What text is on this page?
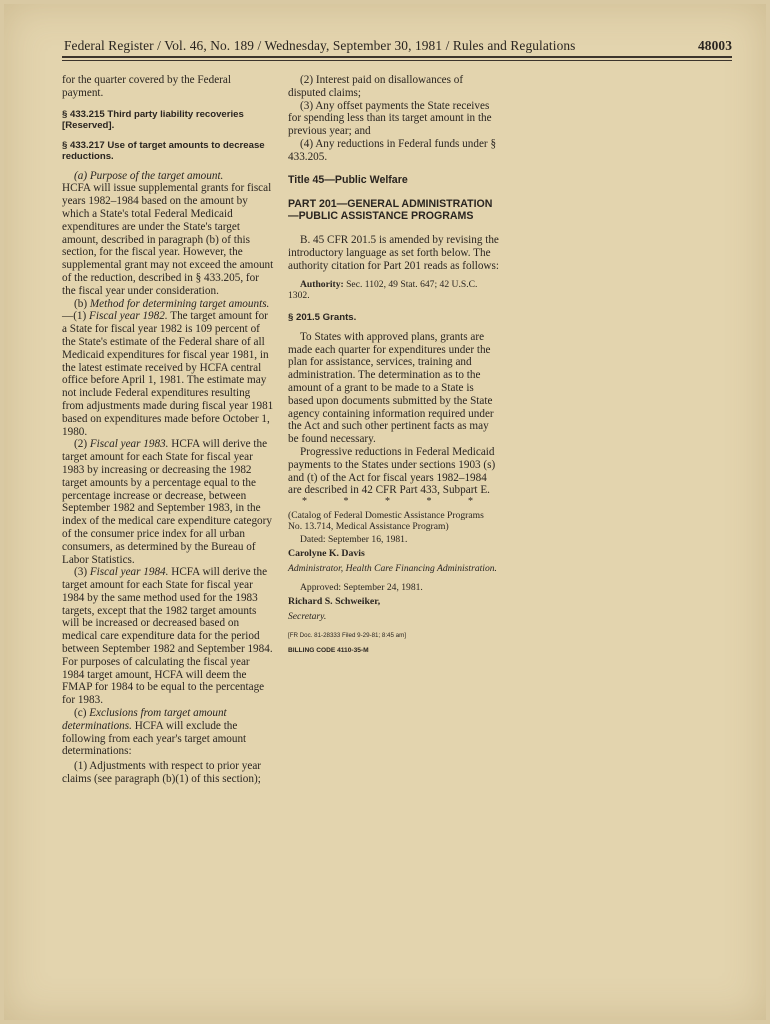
Federal Register / Vol. 46, No. 189 / Wednesday, September 30, 1981 / Rules and Regulations	48003

for the quarter covered by the Federal payment.

§ 433.215 Third party liability recoveries [Reserved].

§ 433.217 Use of target amounts to decrease reductions.

(a) Purpose of the target amount.
HCFA will issue supplemental grants for fiscal years 1982–1984 based on the amount by which a State's total Federal Medicaid expenditures are under the State's target amount, described in paragraph (b) of this section, for the fiscal year. However, the supplemental grant may not exceed the amount of the reduction, described in § 433.205, for the fiscal year under consideration.

(b) Method for determining target amounts.—(1) Fiscal year 1982. The target amount for a State for fiscal year 1982 is 109 percent of the State's estimate of the Federal share of all Medicaid expenditures for fiscal year 1981, in the latest estimate received by HCFA central office before April 1, 1981. The estimate may not include Federal expenditures resulting from adjustments made during fiscal year 1981 based on expenditures made before October 1, 1980.

(2) Fiscal year 1983. HCFA will derive the target amount for each State for fiscal year 1983 by increasing or decreasing the 1982 target amounts by a percentage equal to the percentage increase or decrease, between September 1982 and September 1983, in the index of the medical care expenditure category of the consumer price index for all urban consumers, as determined by the Bureau of Labor Statistics.

(3) Fiscal year 1984. HCFA will derive the target amount for each State for fiscal year 1984 by the same method used for the 1983 targets, except that the 1982 target amounts will be increased or decreased based on medical care expenditure data for the period between September 1982 and September 1984. For purposes of calculating the fiscal year 1984 target amount, HCFA will deem the FMAP for 1984 to be equal to the percentage for 1983.

(c) Exclusions from target amount determinations. HCFA will exclude the following from each year's target amount determinations:

(1) Adjustments with respect to prior year claims (see paragraph (b)(1) of this section);

(2) Interest paid on disallowances of disputed claims;

(3) Any offset payments the State receives for spending less than its target amount in the previous year; and

(4) Any reductions in Federal funds under § 433.205.

Title 45—Public Welfare

PART 201—GENERAL ADMINISTRATION—PUBLIC ASSISTANCE PROGRAMS

B. 45 CFR 201.5 is amended by revising the introductory language as set forth below. The authority citation for Part 201 reads as follows:

Authority: Sec. 1102, 49 Stat. 647; 42 U.S.C. 1302.

§ 201.5 Grants.

To States with approved plans, grants are made each quarter for expenditures under the plan for assistance, services, training and administration. The determination as to the amount of a grant to be made to a State is based upon documents submitted by the State agency containing information required under the Act and such other pertinent facts as may be found necessary.

Progressive reductions in Federal Medicaid payments to the States under sections 1903 (s) and (t) of the Act for fiscal years 1982–1984 are described in 42 CFR Part 433, Subpart E.

* * * * *

(Catalog of Federal Domestic Assistance Programs No. 13.714, Medical Assistance Program)

Dated: September 16, 1981.

Carolyne K. Davis

Administrator, Health Care Financing Administration.

Approved: September 24, 1981.

Richard S. Schweiker,

Secretary.

[FR Doc. 81-28333 Filed 9-29-81; 8:45 am]

BILLING CODE 4110-35-M
